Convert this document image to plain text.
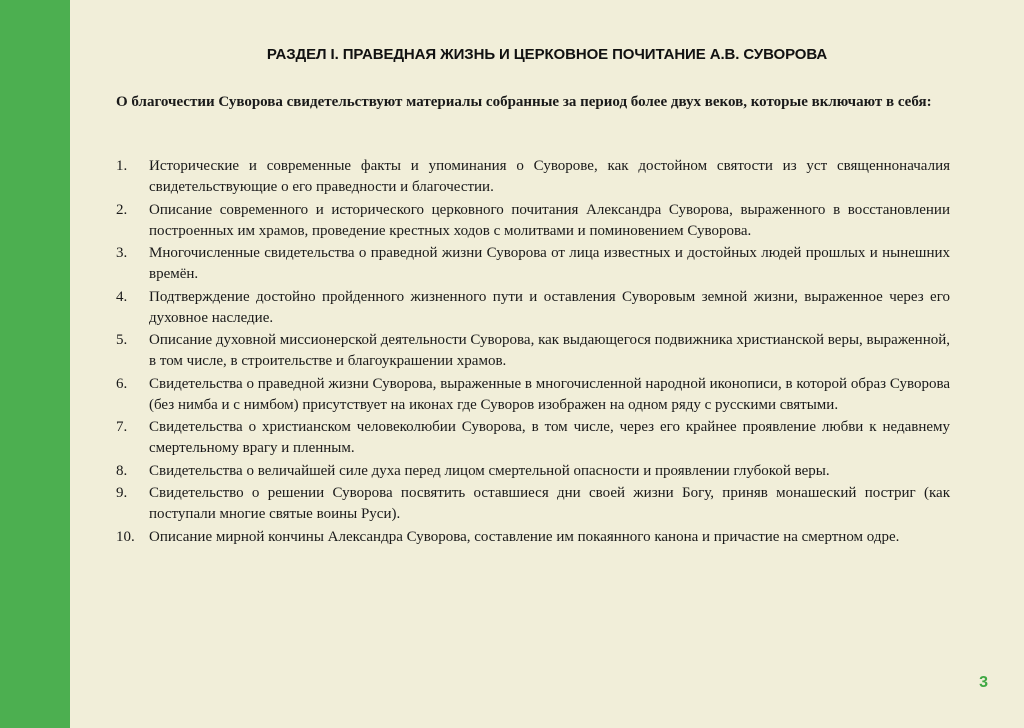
РАЗДЕЛ I. ПРАВЕДНАЯ ЖИЗНЬ И ЦЕРКОВНОЕ ПОЧИТАНИЕ А.В. СУВОРОВА

О благочестии Суворова свидетельствуют материалы собранные за период более двух веков, которые включают в себя:

1. Исторические и современные факты и упоминания о Суворове, как достойном святости из уст священноначалия свидетельствующие о его праведности и благочестии.
2. Описание современного и исторического церковного почитания Александра Суворова, выраженного в восстановлении построенных им храмов, проведение крестных ходов с молитвами и поминовением Суворова.
3. Многочисленные свидетельства о праведной жизни Суворова от лица известных и достойных людей прошлых и нынешних времён.
4. Подтверждение достойно пройденного жизненного пути и оставления Суворовым земной жизни, выраженное через его духовное наследие.
5. Описание духовной миссионерской деятельности Суворова, как выдающегося подвижника христианской веры, выраженной, в том числе, в строительстве и благоукрашении храмов.
6. Свидетельства о праведной жизни Суворова, выраженные в многочисленной народной иконописи, в которой образ Суворова (без нимба и с нимбом) присутствует на иконах где Суворов изображен на одном ряду с русскими святыми.
7. Свидетельства о христианском человеколюбии Суворова, в том числе, через его крайнее проявление любви к недавнему смертельному врагу и пленным.
8. Свидетельства о величайшей силе духа перед лицом смертельной опасности и проявлении глубокой веры.
9. Свидетельство о решении Суворова посвятить оставшиеся дни своей жизни Богу, приняв монашеский постриг (как поступали многие святые воины Руси).
10. Описание мирной кончины Александра Суворова, составление им покаянного канона и причастие на смертном одре.
3
